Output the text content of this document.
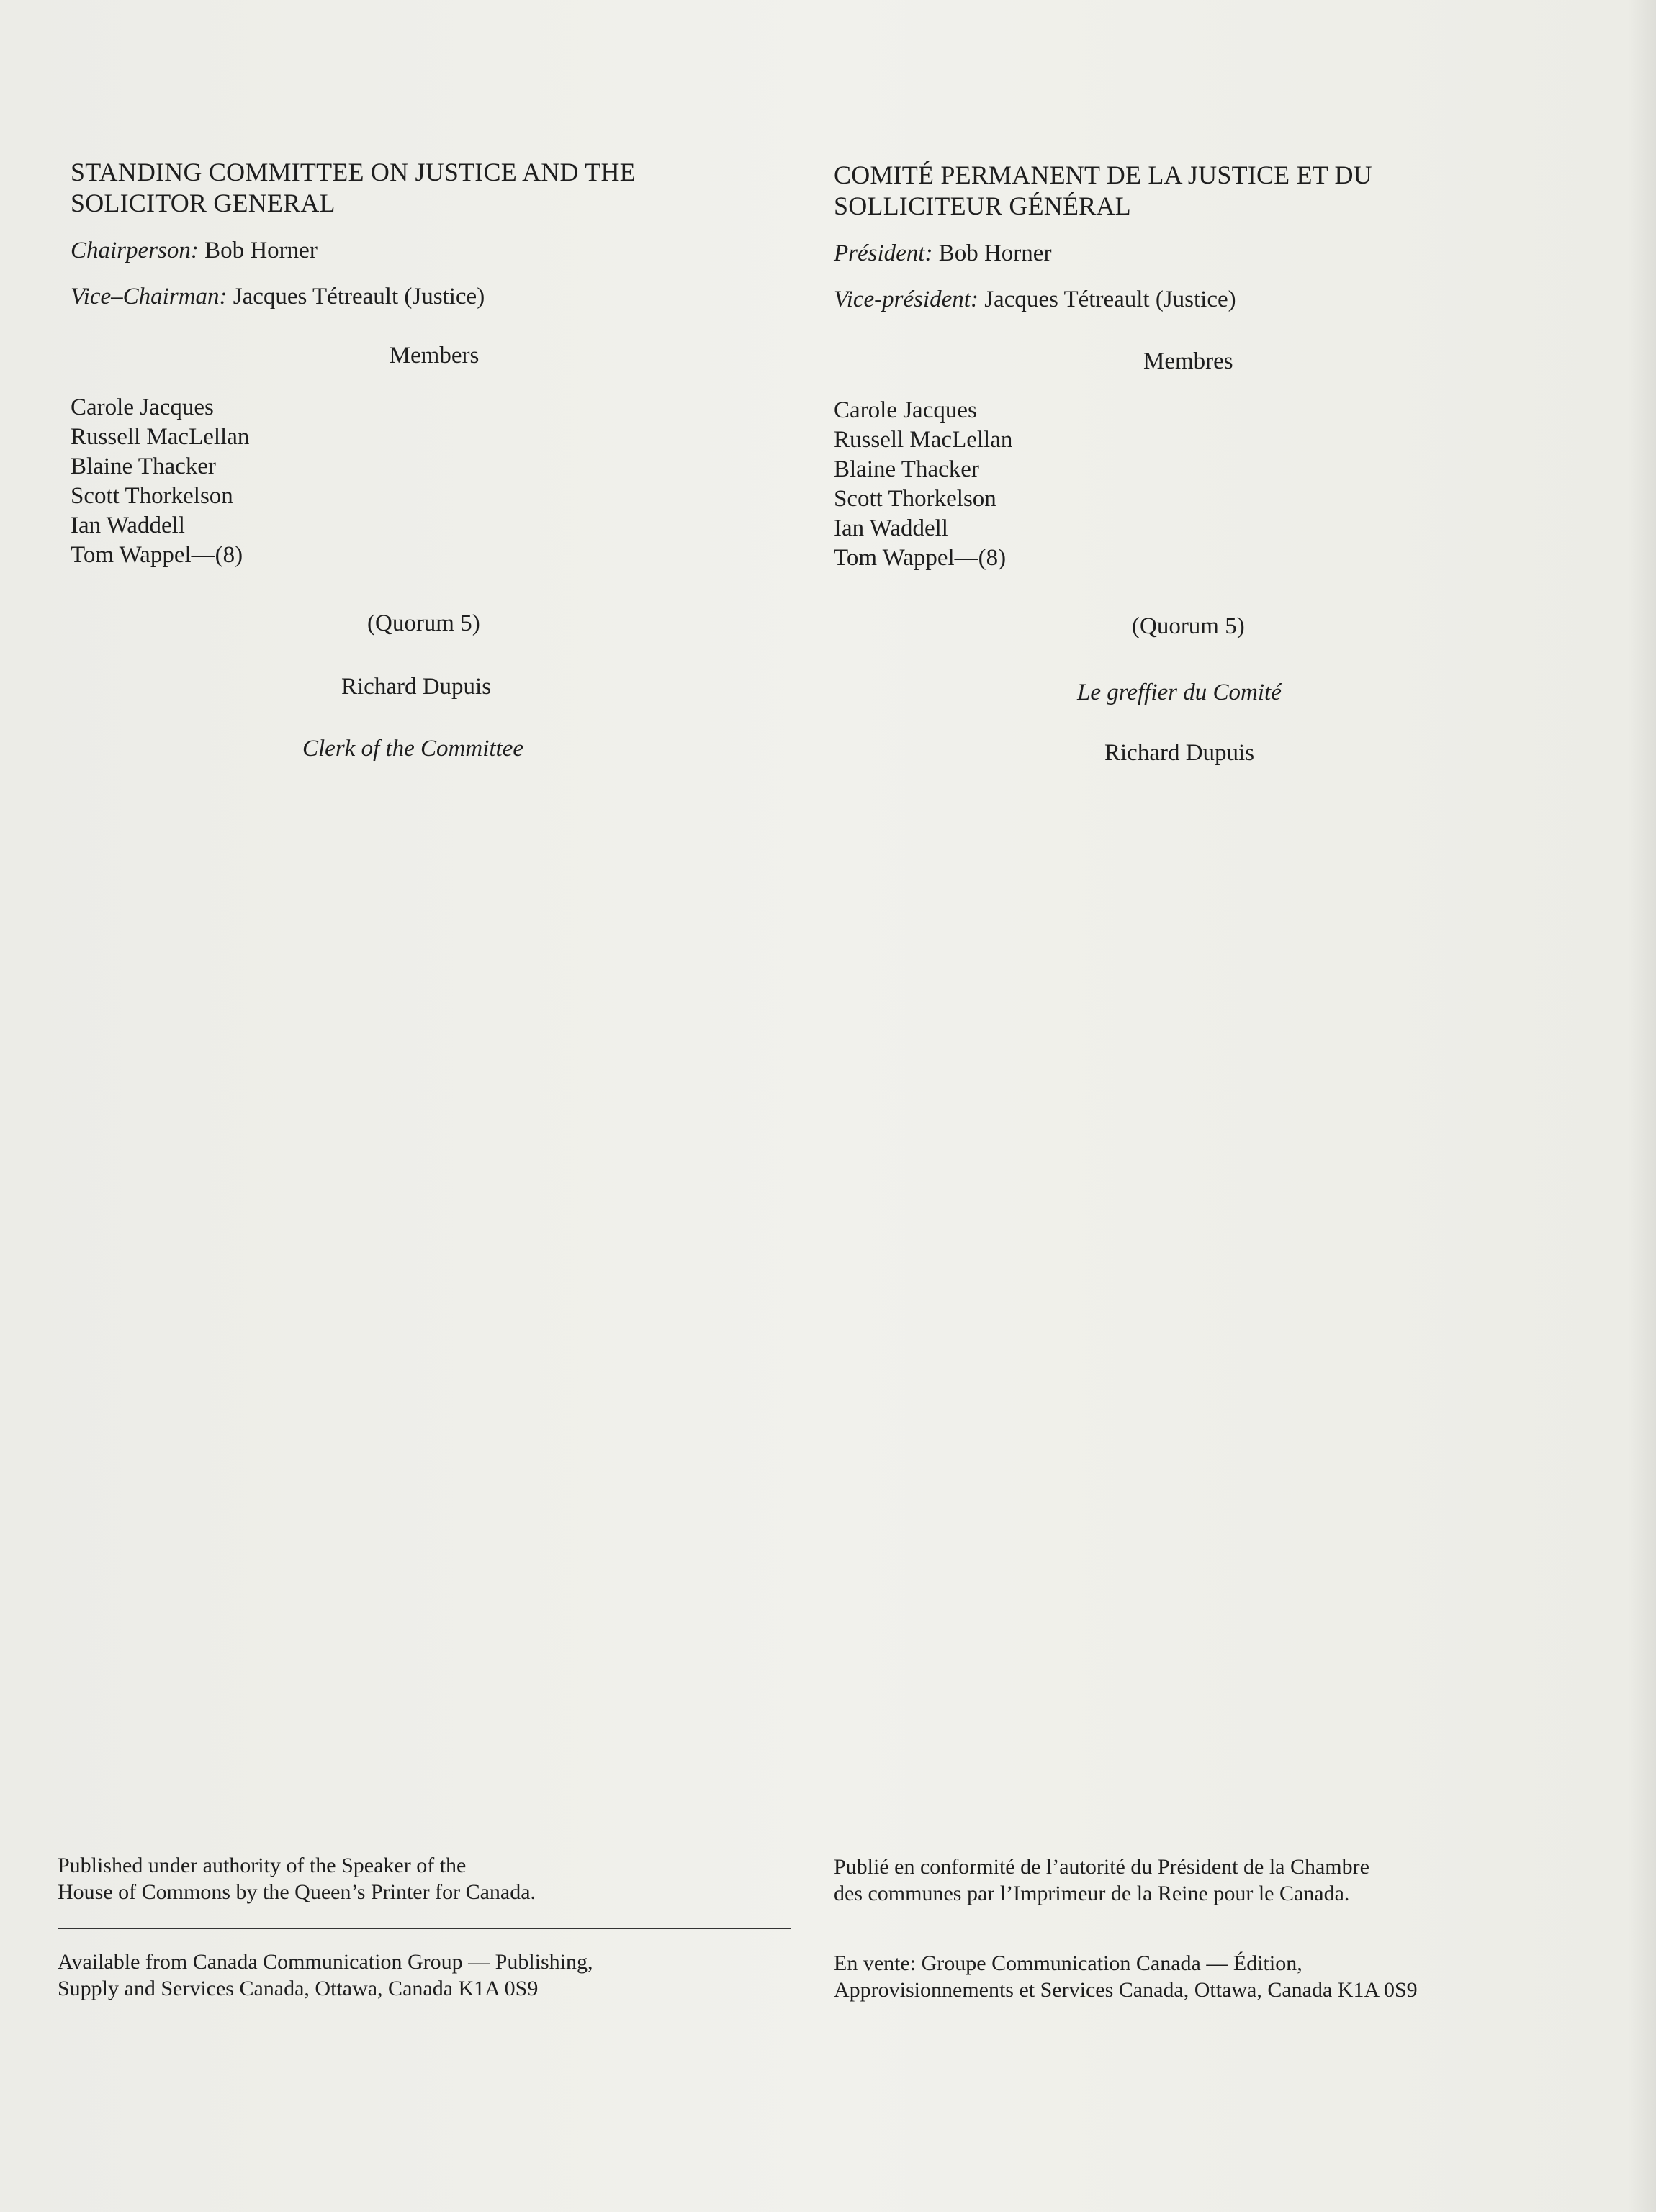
STANDING COMMITTEE ON JUSTICE AND THE
SOLICITOR GENERAL
Chairperson: Bob Horner
Vice–Chairman: Jacques Tétreault (Justice)
Members
Carole Jacques
Russell MacLellan
Blaine Thacker
Scott Thorkelson
Ian Waddell
Tom Wappel—(8)
(Quorum 5)
Richard Dupuis
Clerk of the Committee
COMITÉ PERMANENT DE LA JUSTICE ET DU
SOLLICITEUR GÉNÉRAL
Président: Bob Horner
Vice-président: Jacques Tétreault (Justice)
Membres
Carole Jacques
Russell MacLellan
Blaine Thacker
Scott Thorkelson
Ian Waddell
Tom Wappel—(8)
(Quorum 5)
Le greffier du Comité
Richard Dupuis
Published under authority of the Speaker of the
House of Commons by the Queen’s Printer for Canada.
Available from Canada Communication Group — Publishing,
Supply and Services Canada, Ottawa, Canada K1A 0S9
Publié en conformité de l’autorité du Président de la Chambre
des communes par l’Imprimeur de la Reine pour le Canada.
En vente: Groupe Communication Canada — Édition,
Approvisionnements et Services Canada, Ottawa, Canada K1A 0S9
